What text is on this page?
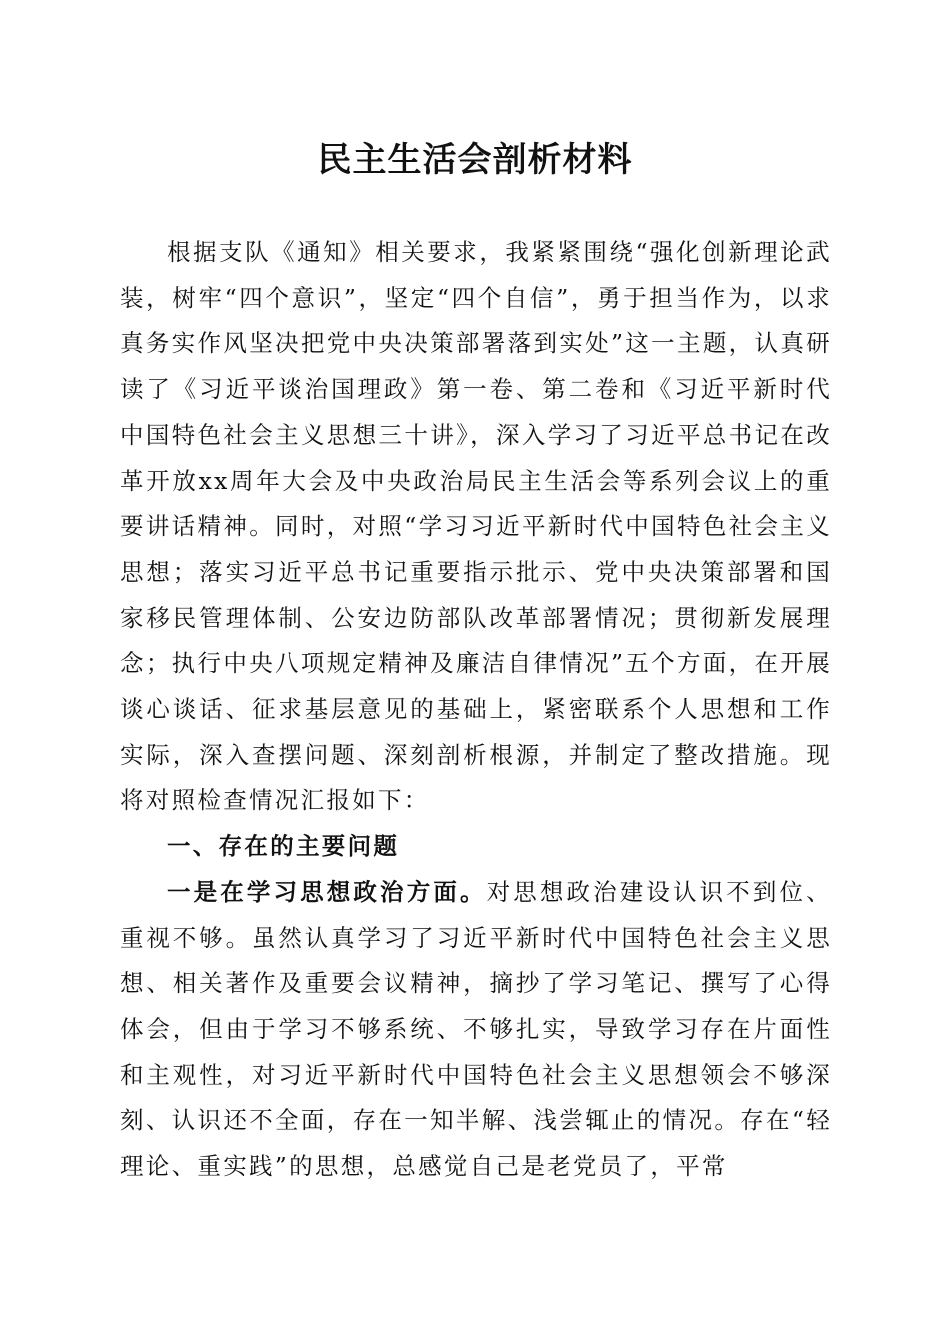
民主生活会剖析材料

根据支队《通知》相关要求，我紧紧围绕“强化创新理论武装，树牢“四个意识”，坚定“四个自信”，勇于担当作为，以求真务实作风坚决把党中央决策部署落到实处”这一主题，认真研读了《习近平谈治国理政》第一卷、第二卷和《习近平新时代中国特色社会主义思想三十讲》，深入学习了习近平总书记在改革开放xx周年大会及中央政治局民主生活会等系列会议上的重要讲话精神。同时，对照“学习习近平新时代中国特色社会主义思想；落实习近平总书记重要指示批示、党中央决策部署和国家移民管理体制、公安边防部队改革部署情况；贯彻新发展理念；执行中央八项规定精神及廉洁自律情况”五个方面，在开展谈心谈话、征求基层意见的基础上，紧密联系个人思想和工作实际，深入查摆问题、深刻剖析根源，并制定了整改措施。现将对照检查情况汇报如下：

一、存在的主要问题

一是在学习思想政治方面。对思想政治建设认识不到位、重视不够。虽然认真学习了习近平新时代中国特色社会主义思想、相关著作及重要会议精神，摘抄了学习笔记、撰写了心得体会，但由于学习不够系统、不够扎实，导致学习存在片面性和主观性，对习近平新时代中国特色社会主义思想领会不够深刻、认识还不全面，存在一知半解、浅尝辄止的情况。存在“轻理论、重实践”的思想，总感觉自己是老党员了，平常
